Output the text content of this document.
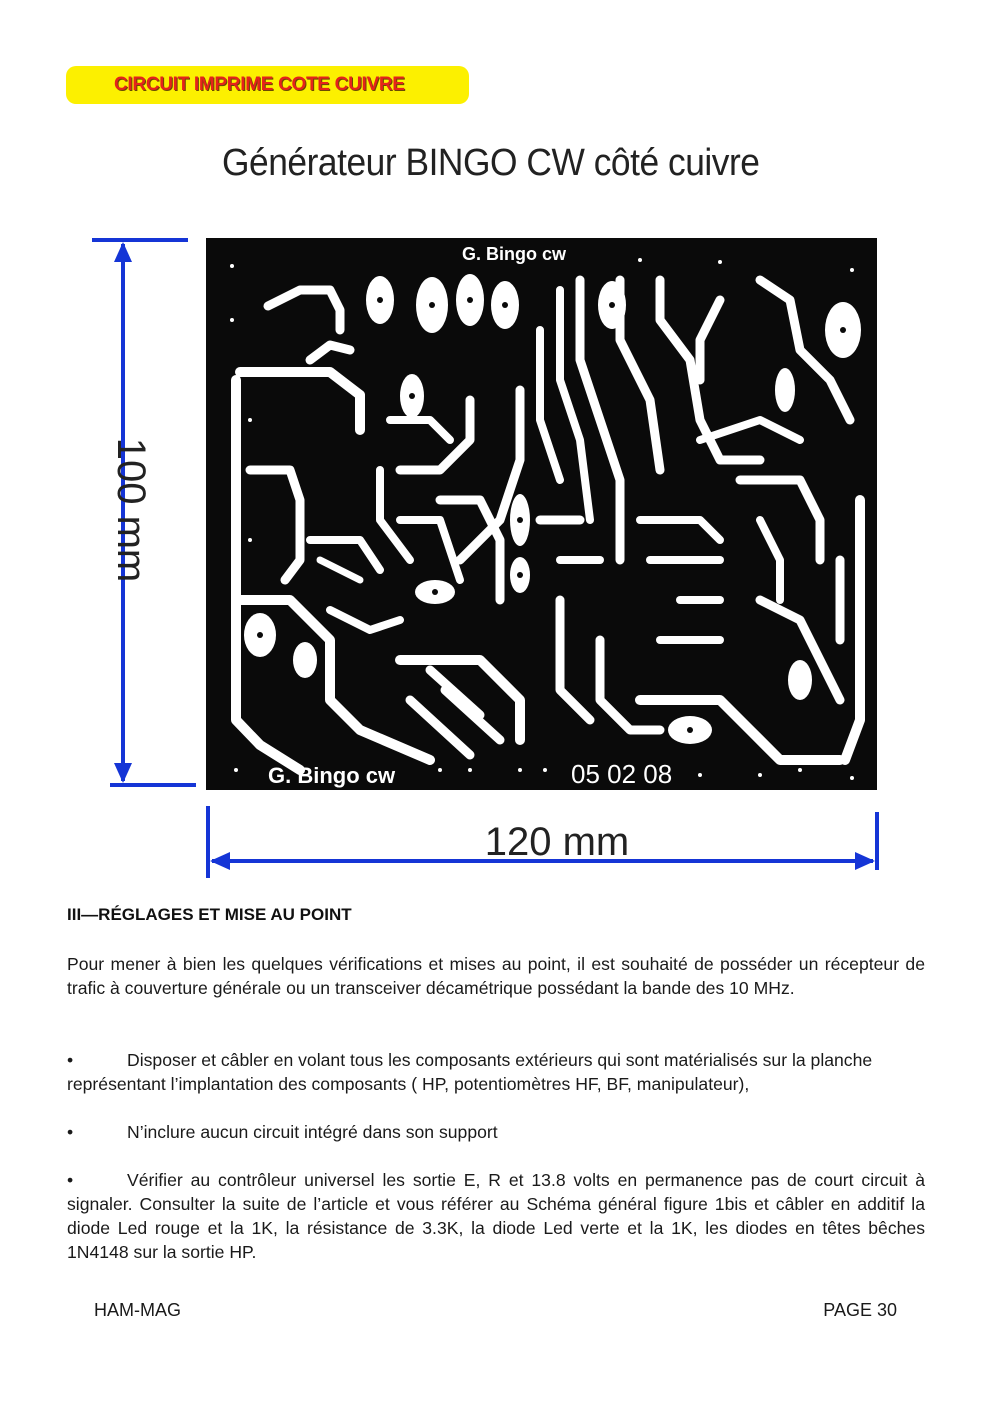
CIRCUIT IMPRIME COTE CUIVRE
Générateur BINGO CW côté cuivre
100 mm
120 mm
G. Bingo cw
G. Bingo cw	05 02 08
III—RÉGLAGES ET MISE AU POINT

Pour mener à bien les quelques vérifications et mises au point, il est souhaité de posséder un récepteur de trafic à couverture générale ou un transceiver décamétrique possédant la bande des 10 MHz.

•	Disposer et câbler en volant tous les composants extérieurs qui sont matérialisés sur la planche représentant l’implantation des composants ( HP, potentiomètres HF, BF, manipulateur),
•	N’inclure aucun circuit intégré dans son support
•	Vérifier au contrôleur universel les sortie E, R et 13.8 volts en permanence pas de court circuit à signaler. Consulter la suite de l’article et vous référer au Schéma général figure 1bis et câbler en additif la diode Led rouge et la 1K, la résistance de 3.3K, la diode Led verte et la 1K, les diodes en têtes bêches 1N4148 sur la sortie HP.
HAM-MAG	PAGE 30
